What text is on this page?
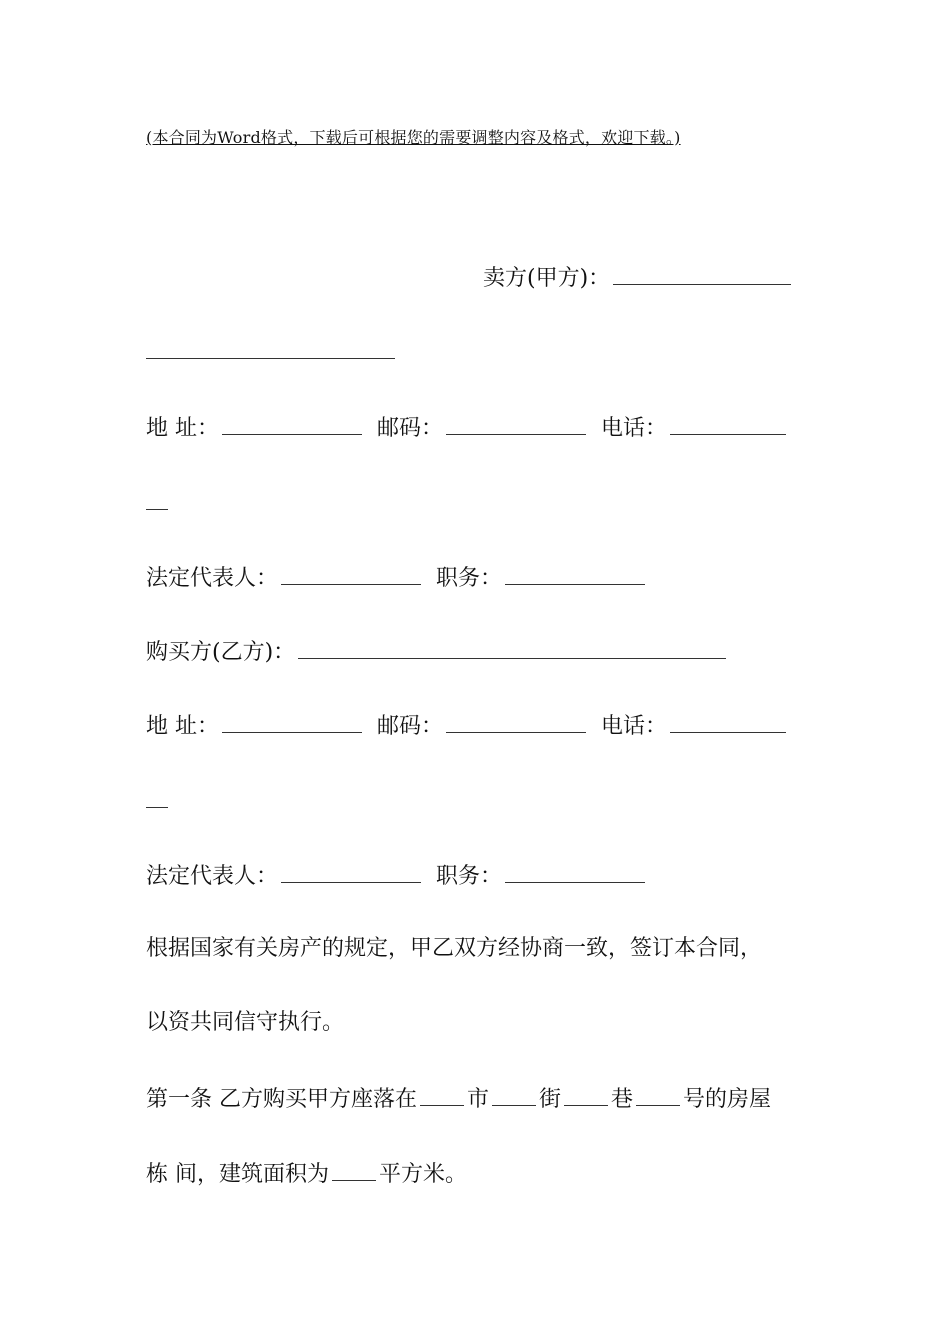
(本合同为Word格式，下载后可根据您的需要调整内容及格式，欢迎下载。)
卖方(甲方)：
地 址：	邮码：	电话：
法定代表人：	职务：
购买方(乙方)：
地 址：	邮码：	电话：
法定代表人：	职务：
根据国家有关房产的规定，甲乙双方经协商一致，签订本合同，
以资共同信守执行。
第一条 乙方购买甲方座落在 市 街 巷 号的房屋
栋 间，建筑面积为 平方米。
